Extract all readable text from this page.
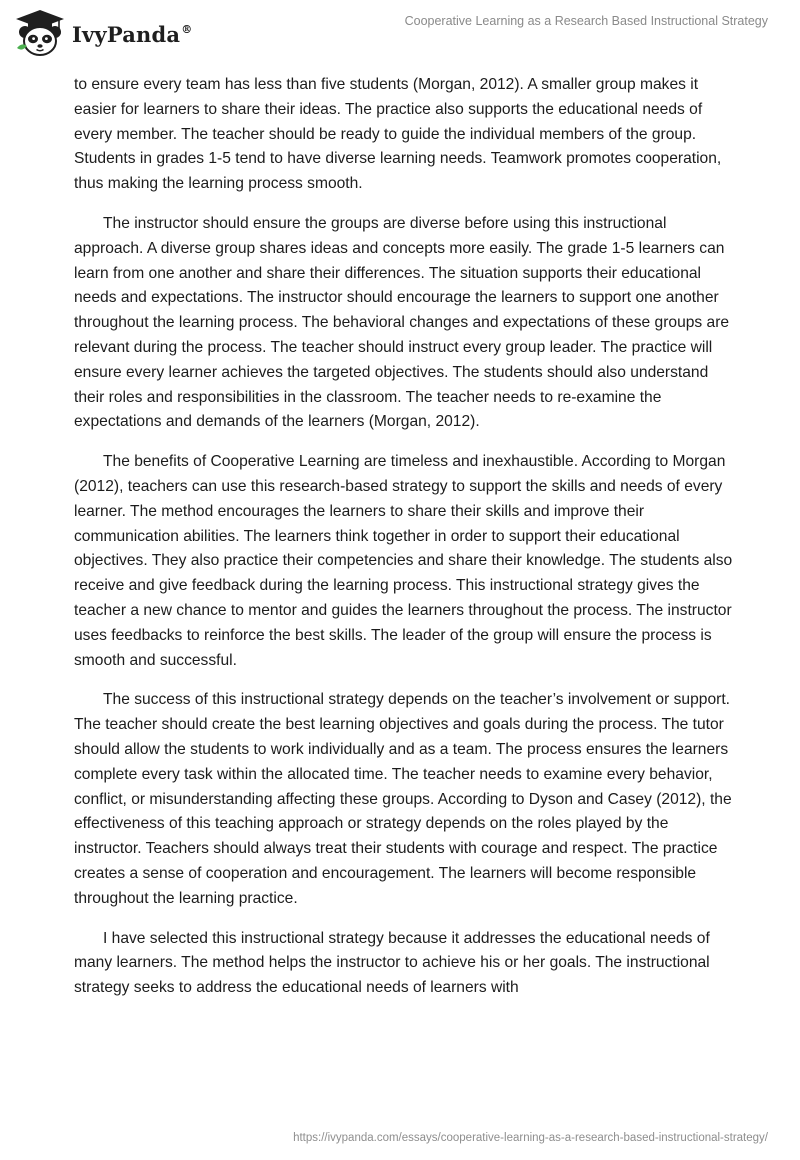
IvyPanda®
Cooperative Learning as a Research Based Instructional Strategy

to ensure every team has less than five students (Morgan, 2012). A smaller group makes it easier for learners to share their ideas. The practice also supports the educational needs of every member. The teacher should be ready to guide the individual members of the group. Students in grades 1-5 tend to have diverse learning needs. Teamwork promotes cooperation, thus making the learning process smooth.

The instructor should ensure the groups are diverse before using this instructional approach. A diverse group shares ideas and concepts more easily. The grade 1-5 learners can learn from one another and share their differences. The situation supports their educational needs and expectations. The instructor should encourage the learners to support one another throughout the learning process. The behavioral changes and expectations of these groups are relevant during the process. The teacher should instruct every group leader. The practice will ensure every learner achieves the targeted objectives. The students should also understand their roles and responsibilities in the classroom. The teacher needs to re-examine the expectations and demands of the learners (Morgan, 2012).

The benefits of Cooperative Learning are timeless and inexhaustible. According to Morgan (2012), teachers can use this research-based strategy to support the skills and needs of every learner. The method encourages the learners to share their skills and improve their communication abilities. The learners think together in order to support their educational objectives. They also practice their competencies and share their knowledge. The students also receive and give feedback during the learning process. This instructional strategy gives the teacher a new chance to mentor and guides the learners throughout the process. The instructor uses feedbacks to reinforce the best skills. The leader of the group will ensure the process is smooth and successful.

The success of this instructional strategy depends on the teacher’s involvement or support. The teacher should create the best learning objectives and goals during the process. The tutor should allow the students to work individually and as a team. The process ensures the learners complete every task within the allocated time. The teacher needs to examine every behavior, conflict, or misunderstanding affecting these groups. According to Dyson and Casey (2012), the effectiveness of this teaching approach or strategy depends on the roles played by the instructor. Teachers should always treat their students with courage and respect. The practice creates a sense of cooperation and encouragement. The learners will become responsible throughout the learning practice.

I have selected this instructional strategy because it addresses the educational needs of many learners. The method helps the instructor to achieve his or her goals. The instructional strategy seeks to address the educational needs of learners with

https://ivypanda.com/essays/cooperative-learning-as-a-research-based-instructional-strategy/
